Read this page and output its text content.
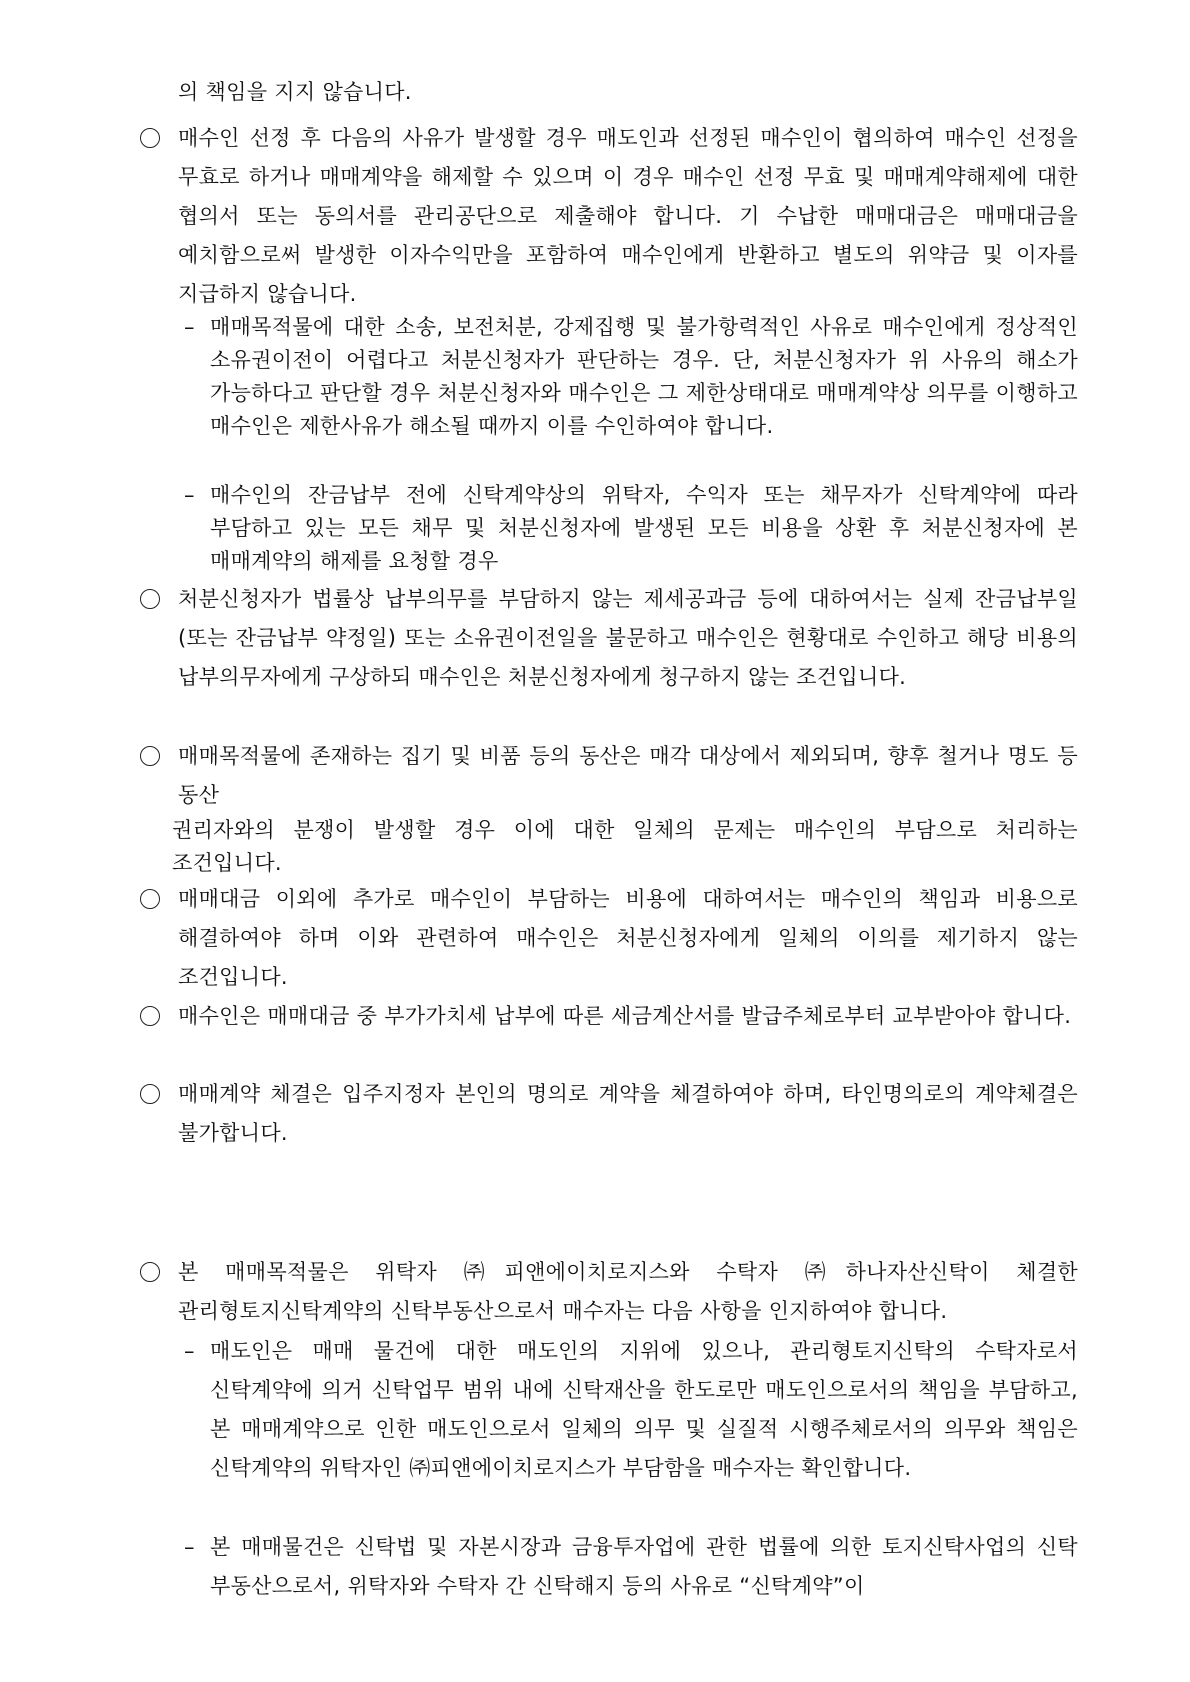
의 책임을 지지 않습니다.

매수인 선정 후 다음의 사유가 발생할 경우 매도인과 선정된 매수인이 협의하여 매수인 선정을 무효로 하거나 매매계약을 해제할 수 있으며 이 경우 매수인 선정 무효 및 매매계약해제에 대한 협의서 또는 동의서를 관리공단으로 제출해야 합니다. 기 수납한 매매대금은 매매대금을 예치함으로써 발생한 이자수익만을 포함하여 매수인에게 반환하고 별도의 위약금 및 이자를 지급하지 않습니다.

– 매매목적물에 대한 소송, 보전처분, 강제집행 및 불가항력적인 사유로 매수인에게 정상적인 소유권이전이 어렵다고 처분신청자가 판단하는 경우. 단, 처분신청자가 위 사유의 해소가 가능하다고 판단할 경우 처분신청자와 매수인은 그 제한상태대로 매매계약상 의무를 이행하고 매수인은 제한사유가 해소될 때까지 이를 수인하여야 합니다.

– 매수인의 잔금납부 전에 신탁계약상의 위탁자, 수익자 또는 채무자가 신탁계약에 따라 부담하고 있는 모든 채무 및 처분신청자에 발생된 모든 비용을 상환 후 처분신청자에 본 매매계약의 해제를 요청할 경우

처분신청자가 법률상 납부의무를 부담하지 않는 제세공과금 등에 대하여서는 실제 잔금납부일(또는 잔금납부 약정일) 또는 소유권이전일을 불문하고 매수인은 현황대로 수인하고 해당 비용의 납부의무자에게 구상하되 매수인은 처분신청자에게 청구하지 않는 조건입니다.

매매목적물에 존재하는 집기 및 비품 등의 동산은 매각 대상에서 제외되며, 향후 철거나 명도 등 동산

권리자와의 분쟁이 발생할 경우 이에 대한 일체의 문제는 매수인의 부담으로 처리하는 조건입니다.

매매대금 이외에 추가로 매수인이 부담하는 비용에 대하여서는 매수인의 책임과 비용으로 해결하여야 하며 이와 관련하여 매수인은 처분신청자에게 일체의 이의를 제기하지 않는 조건입니다.

매수인은 매매대금 중 부가가치세 납부에 따른 세금계산서를 발급주체로부터 교부받아야 합니다.

매매계약 체결은 입주지정자 본인의 명의로 계약을 체결하여야 하며, 타인명의로의 계약체결은 불가합니다.

본 매매목적물은 위탁자 ㈜피앤에이치로지스와 수탁자 ㈜하나자산신탁이 체결한 관리형토지신탁계약의 신탁부동산으로서 매수자는 다음 사항을 인지하여야 합니다.

– 매도인은 매매 물건에 대한 매도인의 지위에 있으나, 관리형토지신탁의 수탁자로서 신탁계약에 의거 신탁업무 범위 내에 신탁재산을 한도로만 매도인으로서의 책임을 부담하고, 본 매매계약으로 인한 매도인으로서 일체의 의무 및 실질적 시행주체로서의 의무와 책임은 신탁계약의 위탁자인 ㈜피앤에이치로지스가 부담함을 매수자는 확인합니다.

– 본 매매물건은 신탁법 및 자본시장과 금융투자업에 관한 법률에 의한 토지신탁사업의 신탁 부동산으로서, 위탁자와 수탁자 간 신탁해지 등의 사유로 “신탁계약”이
